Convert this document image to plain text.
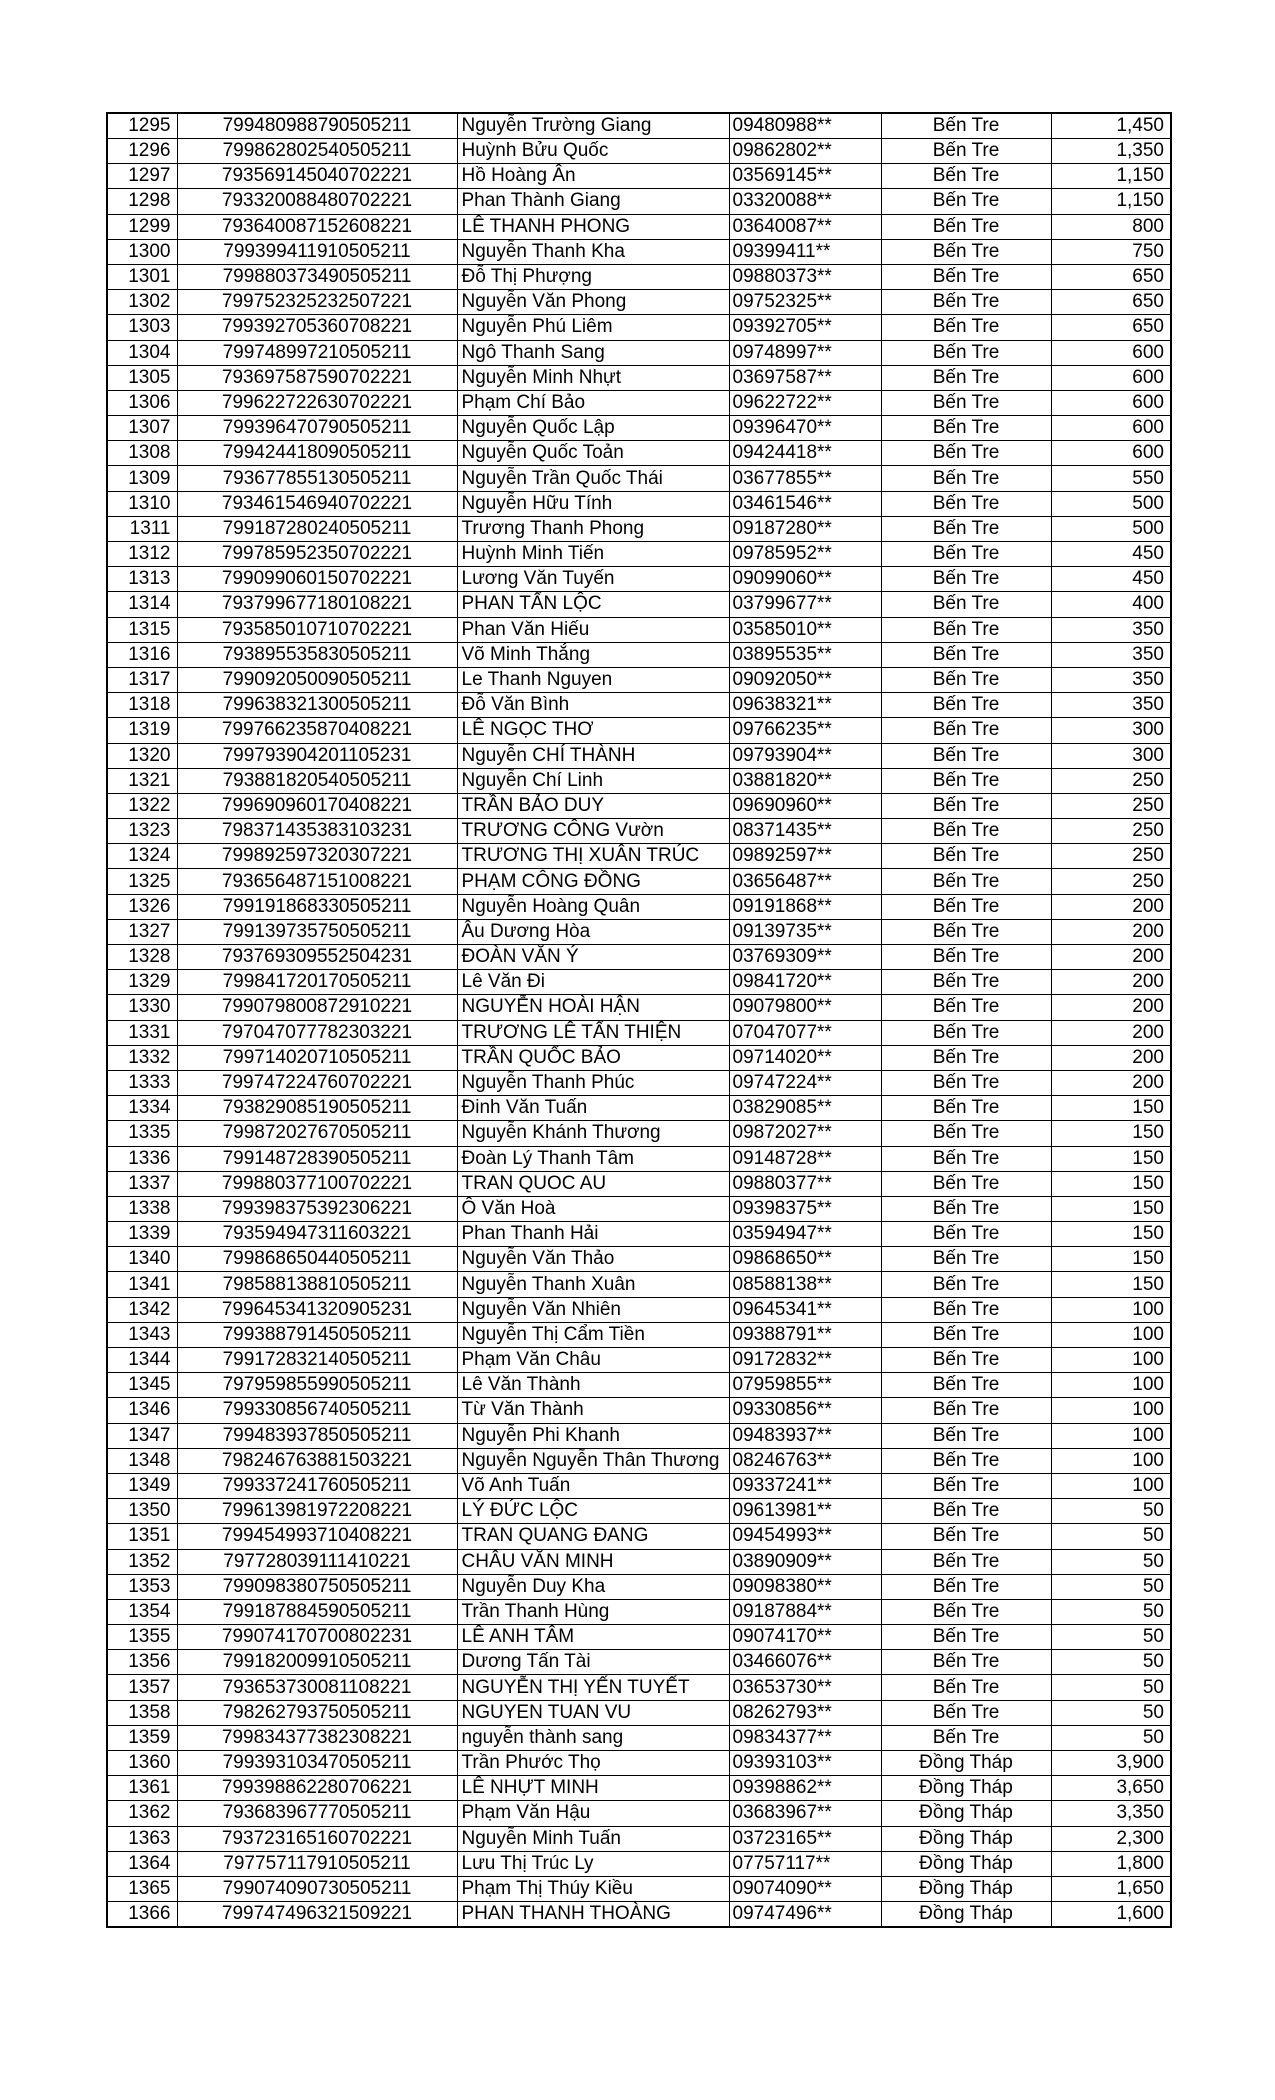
1295	799480988790505211	Nguyễn Trường Giang	09480988**	Bến Tre	1,450
1296	799862802540505211	Huỳnh Bửu Quốc	09862802**	Bến Tre	1,350
1297	793569145040702221	Hồ Hoàng Ân	03569145**	Bến Tre	1,150
1298	793320088480702221	Phan Thành Giang	03320088**	Bến Tre	1,150
1299	793640087152608221	LÊ THANH PHONG	03640087**	Bến Tre	800
1300	799399411910505211	Nguyễn Thanh Kha	09399411**	Bến Tre	750
1301	799880373490505211	Đỗ Thị Phượng	09880373**	Bến Tre	650
1302	799752325232507221	Nguyễn Văn Phong	09752325**	Bến Tre	650
1303	799392705360708221	Nguyễn Phú Liêm	09392705**	Bến Tre	650
1304	799748997210505211	Ngô Thanh Sang	09748997**	Bến Tre	600
1305	793697587590702221	Nguyễn Minh Nhựt	03697587**	Bến Tre	600
1306	799622722630702221	Phạm Chí Bảo	09622722**	Bến Tre	600
1307	799396470790505211	Nguyễn Quốc Lập	09396470**	Bến Tre	600
1308	799424418090505211	Nguyễn Quốc Toản	09424418**	Bến Tre	600
1309	793677855130505211	Nguyễn Trần Quốc Thái	03677855**	Bến Tre	550
1310	793461546940702221	Nguyễn Hữu Tính	03461546**	Bến Tre	500
1311	799187280240505211	Trương Thanh Phong	09187280**	Bến Tre	500
1312	799785952350702221	Huỳnh Minh Tiến	09785952**	Bến Tre	450
1313	799099060150702221	Lương Văn Tuyến	09099060**	Bến Tre	450
1314	793799677180108221	PHAN TẤN LỘC	03799677**	Bến Tre	400
1315	793585010710702221	Phan Văn Hiếu	03585010**	Bến Tre	350
1316	793895535830505211	Võ Minh Thắng	03895535**	Bến Tre	350
1317	799092050090505211	Le Thanh Nguyen	09092050**	Bến Tre	350
1318	799638321300505211	Đỗ Văn Bình	09638321**	Bến Tre	350
1319	799766235870408221	LÊ NGỌC THƠ	09766235**	Bến Tre	300
1320	799793904201105231	Nguyễn CHÍ THÀNH	09793904**	Bến Tre	300
1321	793881820540505211	Nguyễn Chí Linh	03881820**	Bến Tre	250
1322	799690960170408221	TRẦN BẢO DUY	09690960**	Bến Tre	250
1323	798371435383103231	TRƯƠNG CÔNG Vườn	08371435**	Bến Tre	250
1324	799892597320307221	TRƯƠNG THỊ XUÂN TRÚC	09892597**	Bến Tre	250
1325	793656487151008221	PHẠM CÔNG ĐỒNG	03656487**	Bến Tre	250
1326	799191868330505211	Nguyễn Hoàng Quân	09191868**	Bến Tre	200
1327	799139735750505211	Âu Dương Hòa	09139735**	Bến Tre	200
1328	793769309552504231	ĐOÀN VĂN Ý	03769309**	Bến Tre	200
1329	799841720170505211	Lê Văn Đi	09841720**	Bến Tre	200
1330	799079800872910221	NGUYỄN HOÀI HẬN	09079800**	Bến Tre	200
1331	797047077782303221	TRƯƠNG LÊ TẤN THIỆN	07047077**	Bến Tre	200
1332	799714020710505211	TRẦN QUỐC BẢO	09714020**	Bến Tre	200
1333	799747224760702221	Nguyễn Thanh Phúc	09747224**	Bến Tre	200
1334	793829085190505211	Đinh Văn Tuấn	03829085**	Bến Tre	150
1335	799872027670505211	Nguyễn Khánh Thương	09872027**	Bến Tre	150
1336	799148728390505211	Đoàn Lý Thanh Tâm	09148728**	Bến Tre	150
1337	799880377100702221	TRAN QUOC AU	09880377**	Bến Tre	150
1338	799398375392306221	Ô Văn Hoà	09398375**	Bến Tre	150
1339	793594947311603221	Phan Thanh Hải	03594947**	Bến Tre	150
1340	799868650440505211	Nguyễn Văn Thảo	09868650**	Bến Tre	150
1341	798588138810505211	Nguyễn Thanh Xuân	08588138**	Bến Tre	150
1342	799645341320905231	Nguyễn Văn Nhiên	09645341**	Bến Tre	100
1343	799388791450505211	Nguyễn Thị Cẩm Tiền	09388791**	Bến Tre	100
1344	799172832140505211	Phạm Văn Châu	09172832**	Bến Tre	100
1345	797959855990505211	Lê Văn Thành	07959855**	Bến Tre	100
1346	799330856740505211	Từ Văn Thành	09330856**	Bến Tre	100
1347	799483937850505211	Nguyễn Phi Khanh	09483937**	Bến Tre	100
1348	798246763881503221	Nguyễn Nguyễn Thân Thương	08246763**	Bến Tre	100
1349	799337241760505211	Võ Anh Tuấn	09337241**	Bến Tre	100
1350	799613981972208221	LÝ ĐỨC LỘC	09613981**	Bến Tre	50
1351	799454993710408221	TRAN QUANG ĐANG	09454993**	Bến Tre	50
1352	797728039111410221	CHÂU VĂN MINH	03890909**	Bến Tre	50
1353	799098380750505211	Nguyễn Duy Kha	09098380**	Bến Tre	50
1354	799187884590505211	Trần Thanh Hùng	09187884**	Bến Tre	50
1355	799074170700802231	LÊ ANH TÂM	09074170**	Bến Tre	50
1356	799182009910505211	Dương Tấn Tài	03466076**	Bến Tre	50
1357	793653730081108221	NGUYỄN THỊ YẾN TUYẾT	03653730**	Bến Tre	50
1358	798262793750505211	NGUYEN TUAN VU	08262793**	Bến Tre	50
1359	799834377382308221	nguyễn thành sang	09834377**	Bến Tre	50
1360	799393103470505211	Trần Phước Thọ	09393103**	Đồng Tháp	3,900
1361	799398862280706221	LÊ NHỰT MINH	09398862**	Đồng Tháp	3,650
1362	793683967770505211	Phạm Văn Hậu	03683967**	Đồng Tháp	3,350
1363	793723165160702221	Nguyễn Minh Tuấn	03723165**	Đồng Tháp	2,300
1364	797757117910505211	Lưu Thị Trúc Ly	07757117**	Đồng Tháp	1,800
1365	799074090730505211	Phạm Thị Thúy Kiều	09074090**	Đồng Tháp	1,650
1366	799747496321509221	PHAN THANH THOÀNG	09747496**	Đồng Tháp	1,600
